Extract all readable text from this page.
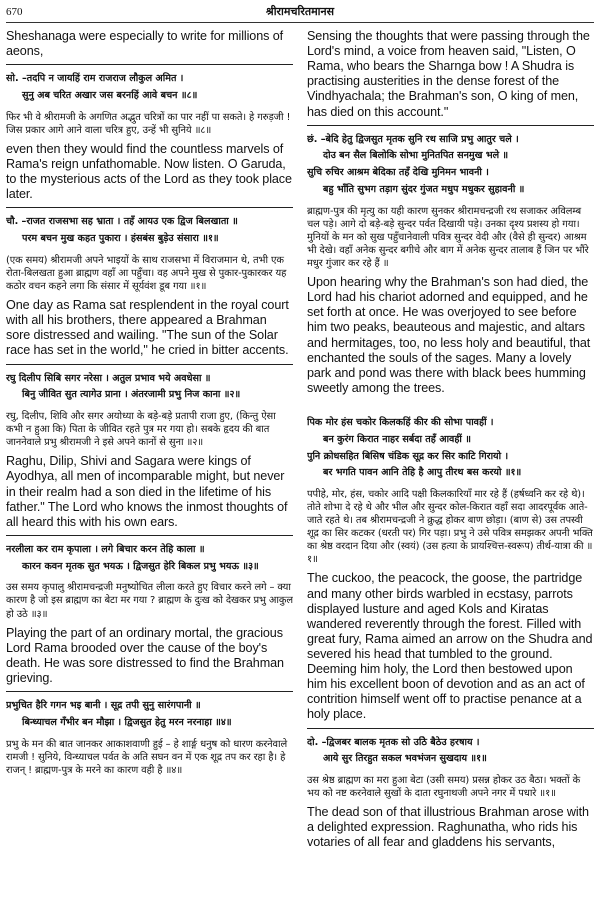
670	श्रीरामचरितमानस

Sheshanaga were especially to write for millions of aeons,

सो. –तदपि न जायहिं राम राजराज लौकुल अमित ।
सुनु अब चरित अखार जस बरनहिं आवे बचन ॥८॥

फिर भी वे श्रीरामजी के अगणित अद्भुत चरित्रों का पार नहीं पा सकते। हे गरुड़जी ! जिस प्रकार आगे आने वाला चरित्र हुए, उन्हें भी सुनिये ॥८॥

even then they would find the countless marvels of Rama's reign unfathomable. Now listen. O Garuda, to the mysterious acts of the Lord as they took place later.

चौ. –राजत राजसभा सह भ्राता । तहँ आयउ एक द्विज बिलखाता ॥
परम बचन मुख कहत पुकारा । हंसबंस बुड़ेउ संसारा ॥१॥

(एक समय) श्रीरामजी अपने भाइयों के साथ राजसभा में विराजमान थे, तभी एक रोता-बिलखता हुआ ब्राह्मण वहाँ आ पहुँचा। वह अपने मुख से पुकार-पुकारकर यह कठोर वचन कहने लगा कि संसार में सूर्यवंश डूब गया ॥१॥

One day as Rama sat resplendent in the royal court with all his brothers, there appeared a Brahman sore distressed and wailing. "The sun of the Solar race has set in the world," he cried in bitter accents.

रघु दिलीप सिबि सगर नरेसा । अतुल प्रभाव भये अवधेसा ॥
बिनु जीवित सुत त्यागेउ प्राना । अंतरजामी प्रभु निज काना ॥२॥

रघु, दिलीप, शिवि और सगर अयोध्या के बड़े-बड़े प्रतापी राजा हुए, (किन्तु ऐसा कभी न हुआ कि) पिता के जीवित रहते पुत्र मर गया हो। सबके हृदय की बात जाननेवाले प्रभु श्रीरामजी ने इसे अपने कानों से सुना ॥२॥

Raghu, Dilip, Shivi and Sagara were kings of Ayodhya, all men of incomparable might, but never in their realm had a son died in the lifetime of his father." The Lord who knows the inmost thoughts of all heard this with his own ears.

नरलीला कर राम कृपाला । लगे बिचार करन तेहि काला ॥
कारन कवन मृतक सुत भयऊ । द्विजसुत हेरि बिकल प्रभु भयऊ ॥३॥

उस समय कृपालु श्रीरामचन्द्रजी मनुष्योचित लीला करते हुए विचार करने लगे – क्या कारण है जो इस ब्राह्मण का बेटा मर गया ? ब्राह्मण के दुःख को देखकर प्रभु आकुल हो उठे ॥३॥

Playing the part of an ordinary mortal, the gracious Lord Rama brooded over the cause of the boy's death. He was sore distressed to find the Brahman grieving.

प्रभुचित हैरि गगन भइ बानी । सूद्र तपी सुनु सारंगपानी ॥
बिन्ध्याचल गँभीर बन मौझा । द्विजसुत हेतु मरन नरनाहा ॥४॥

प्रभु के मन की बात जानकर आकाशवाणी हुई – हे शार्ङ्ग धनुष को धारण करनेवाले रामजी ! सुनिये, विन्ध्याचल पर्वत के अति सघन वन में एक शूद्र तप कर रहा है। हे राजन् ! ब्राह्मण-पुत्र के मरने का कारण वही है ॥४॥

Sensing the thoughts that were passing through the Lord's mind, a voice from heaven said, "Listen, O Rama, who bears the Sharnga bow ! A Shudra is practising austerities in the dense forest of the Vindhyachala; the Brahman's son, O king of men, has died on this account."

छं. –बेदि हेतु द्विजसुत मृतक सुनि रथ साजि प्रभु आतुर चले ।
दोउ बन सैल बिलोकि सोभा मुनितपित सनमुख भले ॥
सुचि रुचिर आश्रम बेदिका तहँ देखि मुनिमन भावनी ।
बहु भाँति सुभग तड़ाग सुंदर गुंजत मधुप मधुकर सुहावनी ॥

ब्राह्मण-पुत्र की मृत्यु का यही कारण सुनकर श्रीरामचन्द्रजी रथ सजाकर अविलम्ब चल पड़े। आगे दो बड़े-बड़े सुन्दर पर्वत दिखायी पड़े। उनका दृश्य प्रशस्य हो गया। मुनियों के मन को सुख पहुँचानेवाली पवित्र सुन्दर वेदी और (वैसे ही सुन्दर) आश्रम भी देखे। वहाँ अनेक सुन्दर बगीचे और बाग में अनेक सुन्दर तालाब हैं जिन पर भौंरे मधुर गुंजार कर रहे हैं ॥

Upon hearing why the Brahman's son had died, the Lord had his chariot adorned and equipped, and he set forth at once. He was overjoyed to see before him two peaks, beauteous and majestic, and altars and hermitages, too, no less holy and beautiful, that enchanted the souls of the sages. Many a lovely park and pond was there with black bees humming sweetly among the trees.

पिक मोर हंस चकोर किलकहिं कीर की सोभा पावहीं ।
बन कुरंग किरात नाहर सर्बदा तहँ आवहीं ॥
पुनि क्रोधसहित बिसिष चंडिक सूद्र कर सिर काटि गिरायो ।
बर भगति पावन आनि तेहि है आपु तीरथ बस करयो ॥१॥

पपीहे, मोर, हंस, चकोर आदि पक्षी किलकारियाँ मार रहे हैं (हर्षध्वनि कर रहे थे)। तोते शोभा दे रहे थे और भील और सुन्दर कोल-किरात वहाँ सदा आदरपूर्वक आते-जाते रहते थे। तब श्रीरामचन्द्रजी ने क्रुद्ध होकर बाण छोड़ा। (बाण से) उस तपस्वी शूद्र का सिर कटकर (धरती पर) गिर पड़ा। प्रभु ने उसे पवित्र समझकर अपनी भक्ति का श्रेष्ठ वरदान दिया और (स्वयं) (उस हत्या के प्रायश्चित्त-स्वरूप) तीर्थ-यात्रा की ॥१॥

The cuckoo, the peacock, the goose, the partridge and many other birds warbled in ecstasy, parrots displayed lusture and aged Kols and Kiratas wandered reverently through the forest. Filled with great fury, Rama aimed an arrow on the Shudra and severed his head that tumbled to the ground. Deeming him holy, the Lord then bestowed upon him his excellent boon of devotion and as an act of contrition himself went off to practise penance at a holy place.

दो. –द्विजबर बालक मृतक सो उठेि बैठेउ हरषाय ।
आये सुर तिरहुत सकल भवभंजन सुखदाय ॥१॥

उस श्रेष्ठ ब्राह्मण का मरा हुआ बेटा (उसी समय) प्रसन्न होकर उठ बैठा। भक्तों के भय को नष्ट करनेवाले सुखों के दाता रघुनाथजी अपने नगर में पधारे ॥१॥

The dead son of that illustrious Brahman arose with a delighted expression. Raghunatha, who rids his votaries of all fear and gladdens his servants,
